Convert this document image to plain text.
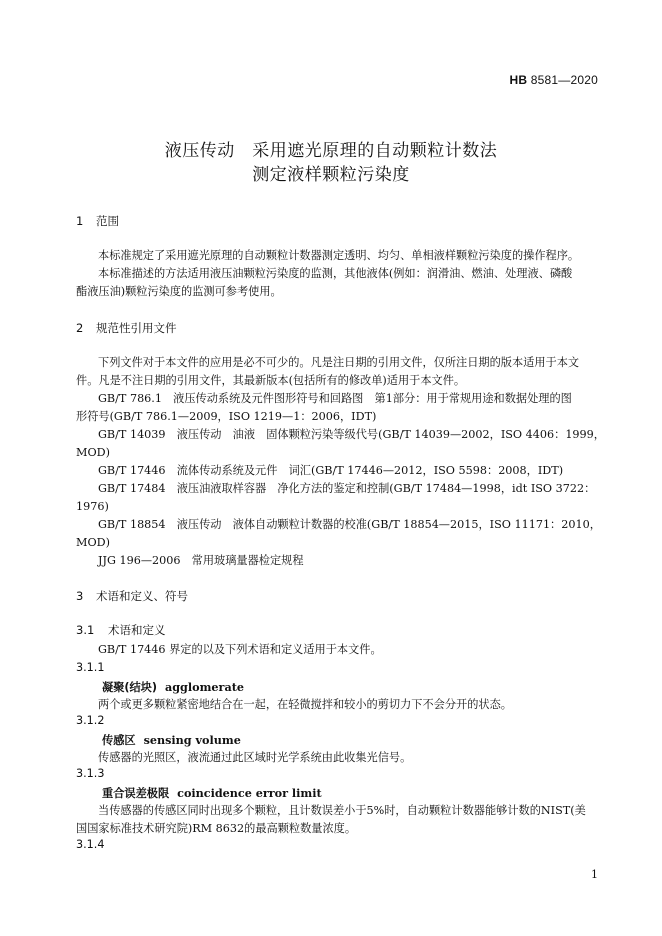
HB 8581—2020
液压传动　采用遮光原理的自动颗粒计数法
测定液样颗粒污染度
1 范围
本标准规定了采用遮光原理的自动颗粒计数器测定透明、均匀、单相液样颗粒污染度的操作程序。
本标准描述的方法适用液压油颗粒污染度的监测，其他液体(例如：润滑油、燃油、处理液、磷酸
酯液压油)颗粒污染度的监测可参考使用。
2 规范性引用文件
下列文件对于本文件的应用是必不可少的。凡是注日期的引用文件，仅所注日期的版本适用于本文
件。凡是不注日期的引用文件，其最新版本(包括所有的修改单)适用于本文件。
GB/T 786.1　液压传动系统及元件图形符号和回路图　第1部分：用于常规用途和数据处理的图
形符号(GB/T 786.1—2009，ISO 1219—1：2006，IDT)
GB/T 14039　液压传动　油液　固体颗粒污染等级代号(GB/T 14039—2002，ISO 4406：1999，
MOD)
GB/T 17446　流体传动系统及元件　词汇(GB/T 17446—2012，ISO 5598：2008，IDT)
GB/T 17484　液压油液取样容器　净化方法的鉴定和控制(GB/T 17484—1998，idt ISO 3722：
1976)
GB/T 18854　液压传动　液体自动颗粒计数器的校准(GB/T 18854—2015，ISO 11171：2010，
MOD)
JJG 196—2006　常用玻璃量器检定规程
3 术语和定义、符号
3.1 术语和定义
GB/T 17446 界定的以及下列术语和定义适用于本文件。
3.1.1
凝聚(结块) agglomerate
两个或更多颗粒紧密地结合在一起，在轻微搅拌和较小的剪切力下不会分开的状态。
3.1.2
传感区 sensing volume
传感器的光照区，液流通过此区域时光学系统由此收集光信号。
3.1.3
重合误差极限 coincidence error limit
当传感器的传感区同时出现多个颗粒，且计数误差小于5%时，自动颗粒计数器能够计数的NIST(美
国国家标准技术研究院)RM 8632的最高颗粒数量浓度。
3.1.4
1
